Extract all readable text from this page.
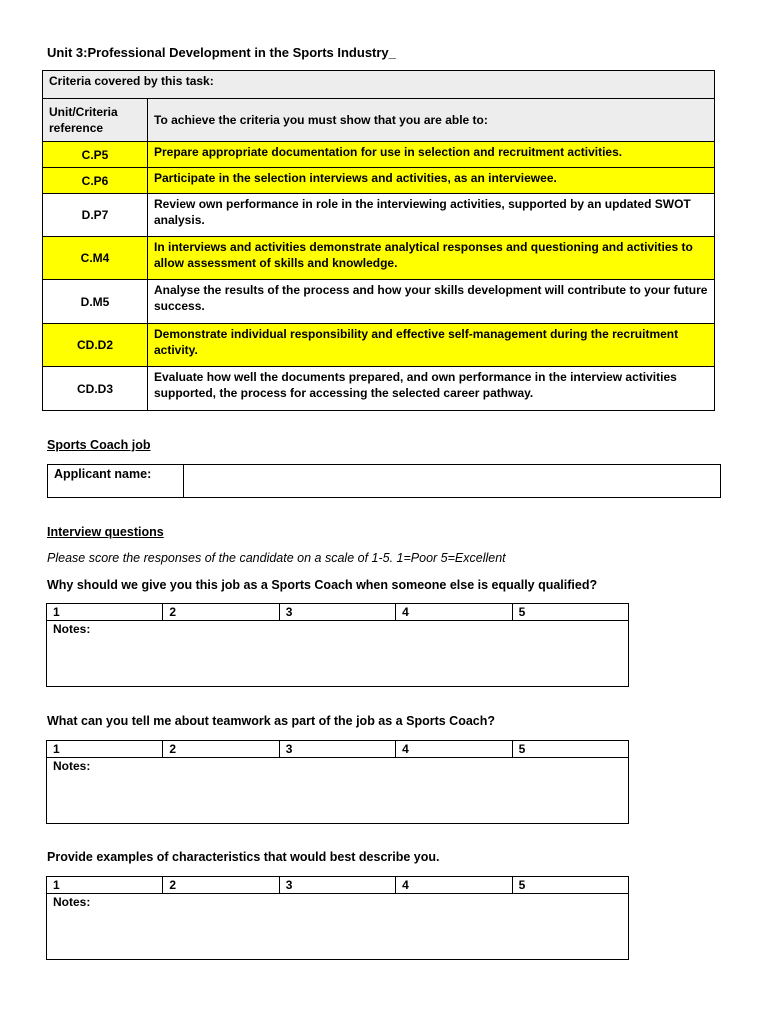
Unit 3:Professional Development in the Sports Industry_
Criteria covered by this task:	
Unit/Criteria reference	To achieve the criteria you must show that you are able to:
C.P5	Prepare appropriate documentation for use in selection and recruitment activities.
C.P6	Participate in the selection interviews and activities, as an interviewee.
D.P7	Review own performance in role in the interviewing activities, supported by an updated SWOT analysis.
C.M4	In interviews and activities demonstrate analytical responses and questioning and activities to allow assessment of skills and knowledge.
D.M5	Analyse the results of the process and how your skills development will contribute to your future success.
CD.D2	Demonstrate individual responsibility and effective self-management during the recruitment activity.
CD.D3	Evaluate how well the documents prepared, and own performance in the interview activities supported, the process for accessing the selected career pathway.
Sports Coach job
Applicant name:	
Interview questions
Please score the responses of the candidate on a scale of 1-5. 1=Poor 5=Excellent
Why should we give you this job as a Sports Coach when someone else is equally qualified?
1	2	3	4	5
Notes:
What can you tell me about teamwork as part of the job as a Sports Coach?
1	2	3	4	5
Notes:
Provide examples of characteristics that would best describe you.
1	2	3	4	5
Notes:
